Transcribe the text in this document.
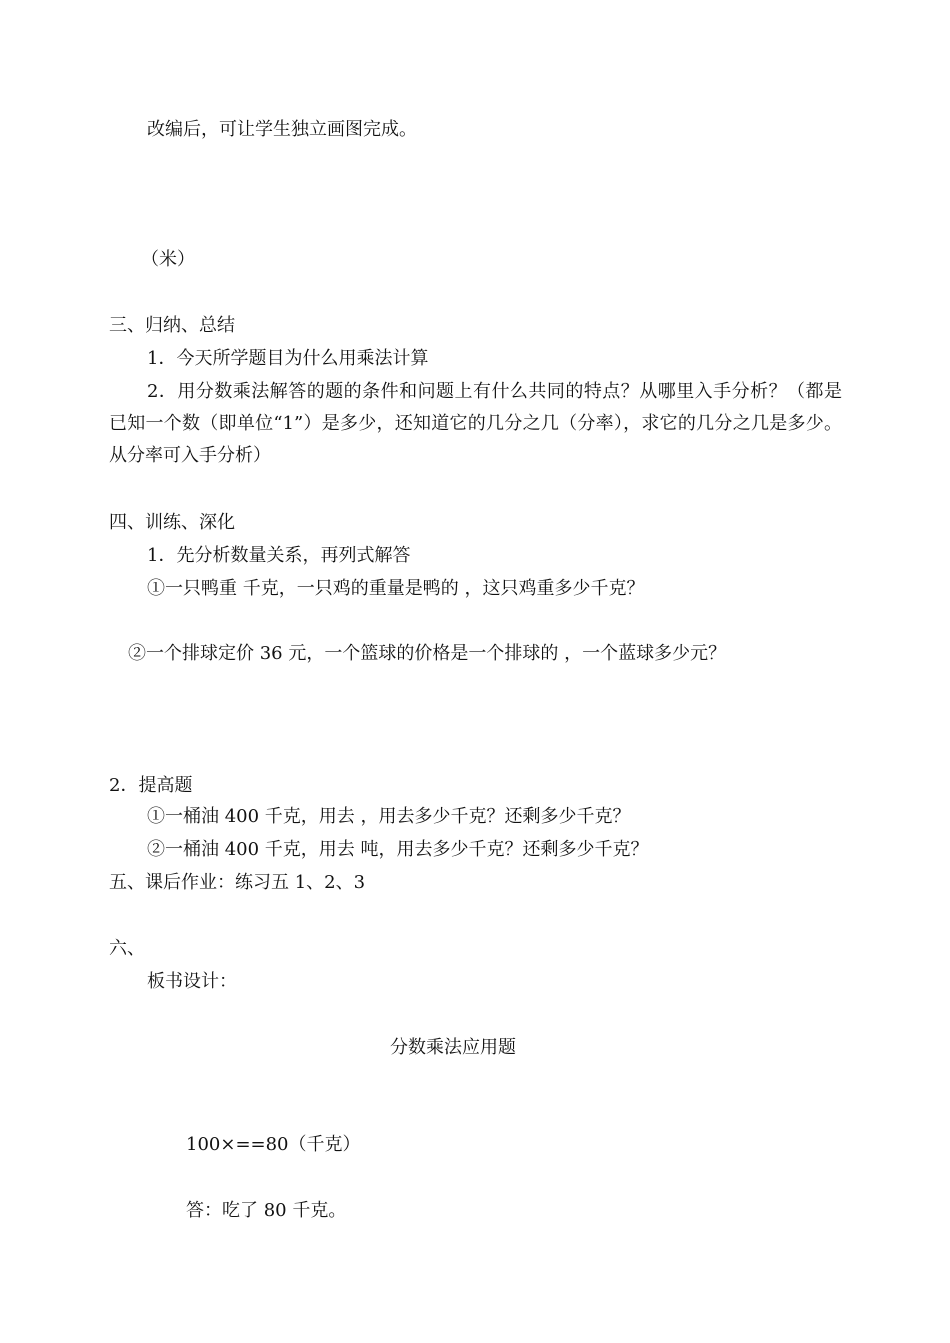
改编后，可让学生独立画图完成。
（米）
三、归纳、总结
1．今天所学题目为什么用乘法计算
2．用分数乘法解答的题的条件和问题上有什么共同的特点？从哪里入手分析？（都是已知一个数（即单位“1”）是多少，还知道它的几分之几（分率），求它的几分之几是多少。从分率可入手分析）
四、训练、深化
1．先分析数量关系，再列式解答
①一只鸭重 千克，一只鸡的重量是鸭的 ，这只鸡重多少千克？
②一个排球定价 36 元，一个篮球的价格是一个排球的 ，一个蓝球多少元？
2．提高题
①一桶油 400 千克，用去 ，用去多少千克？还剩多少千克？
②一桶油 400 千克，用去 吨，用去多少千克？还剩多少千克？
五、课后作业：练习五 1、2、3
六、
板书设计：
分数乘法应用题
100×==80（千克）
答：吃了 80 千克。
